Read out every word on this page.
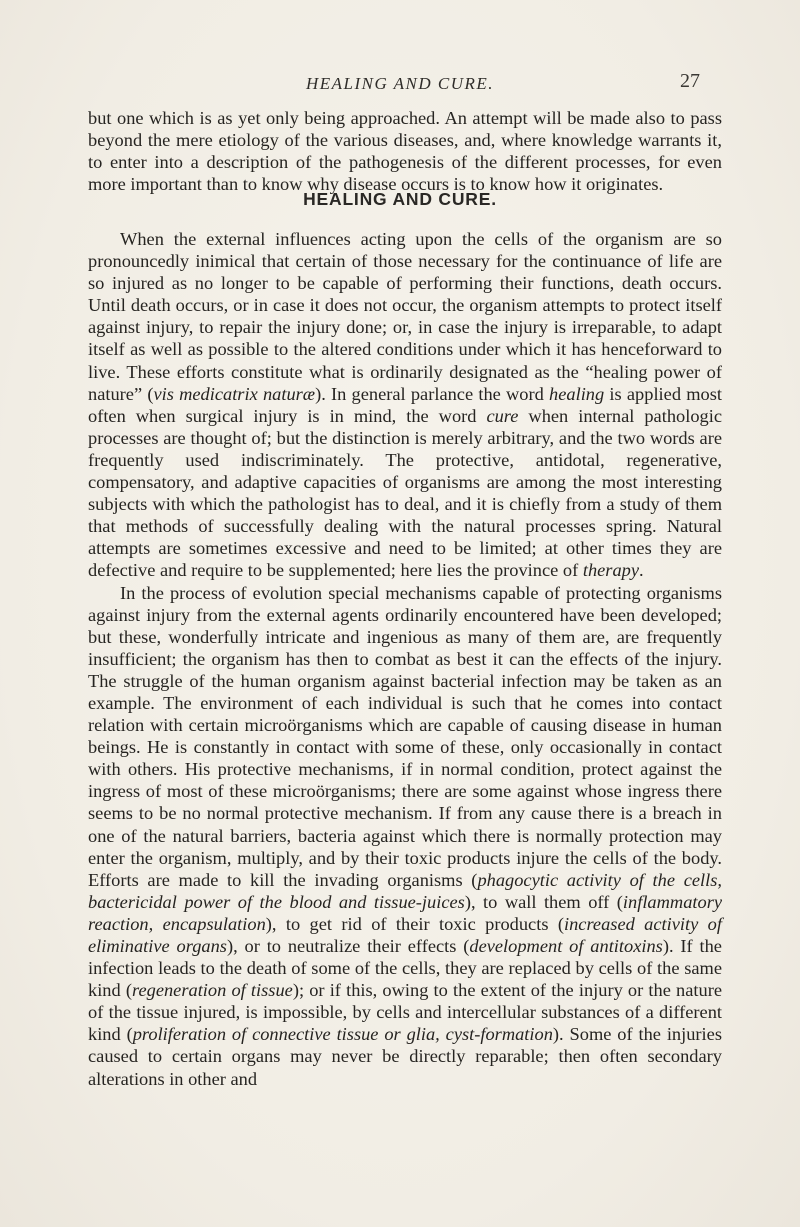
HEALING AND CURE.	27

but one which is as yet only being approached. An attempt will be made also to pass beyond the mere etiology of the various diseases, and, where knowledge warrants it, to enter into a description of the pathogenesis of the different processes, for even more important than to know why disease occurs is to know how it originates.

HEALING AND CURE.

When the external influences acting upon the cells of the organism are so pronouncedly inimical that certain of those necessary for the continuance of life are so injured as no longer to be capable of performing their functions, death occurs. Until death occurs, or in case it does not occur, the organism attempts to protect itself against injury, to repair the injury done; or, in case the injury is irreparable, to adapt itself as well as possible to the altered conditions under which it has henceforward to live. These efforts constitute what is ordinarily designated as the “healing power of nature” (vis medicatrix naturæ). In general parlance the word healing is applied most often when surgical injury is in mind, the word cure when internal pathologic processes are thought of; but the distinction is merely arbitrary, and the two words are frequently used indiscriminately. The protective, antidotal, regenerative, compensatory, and adaptive capacities of organisms are among the most interesting subjects with which the pathologist has to deal, and it is chiefly from a study of them that methods of successfully dealing with the natural processes spring. Natural attempts are sometimes excessive and need to be limited; at other times they are defective and require to be supplemented; here lies the province of therapy.

In the process of evolution special mechanisms capable of protecting organisms against injury from the external agents ordinarily encountered have been developed; but these, wonderfully intricate and ingenious as many of them are, are frequently insufficient; the organism has then to combat as best it can the effects of the injury. The struggle of the human organism against bacterial infection may be taken as an example. The environment of each individual is such that he comes into contact relation with certain microörganisms which are capable of causing disease in human beings. He is constantly in contact with some of these, only occasionally in contact with others. His protective mechanisms, if in normal condition, protect against the ingress of most of these microörganisms; there are some against whose ingress there seems to be no normal protective mechanism. If from any cause there is a breach in one of the natural barriers, bacteria against which there is normally protection may enter the organism, multiply, and by their toxic products injure the cells of the body. Efforts are made to kill the invading organisms (phagocytic activity of the cells, bactericidal power of the blood and tissue-juices), to wall them off (inflammatory reaction, encapsulation), to get rid of their toxic products (increased activity of eliminative organs), or to neutralize their effects (development of antitoxins). If the infection leads to the death of some of the cells, they are replaced by cells of the same kind (regeneration of tissue); or if this, owing to the extent of the injury or the nature of the tissue injured, is impossible, by cells and intercellular substances of a different kind (proliferation of connective tissue or glia, cyst-formation). Some of the injuries caused to certain organs may never be directly reparable; then often secondary alterations in other and
